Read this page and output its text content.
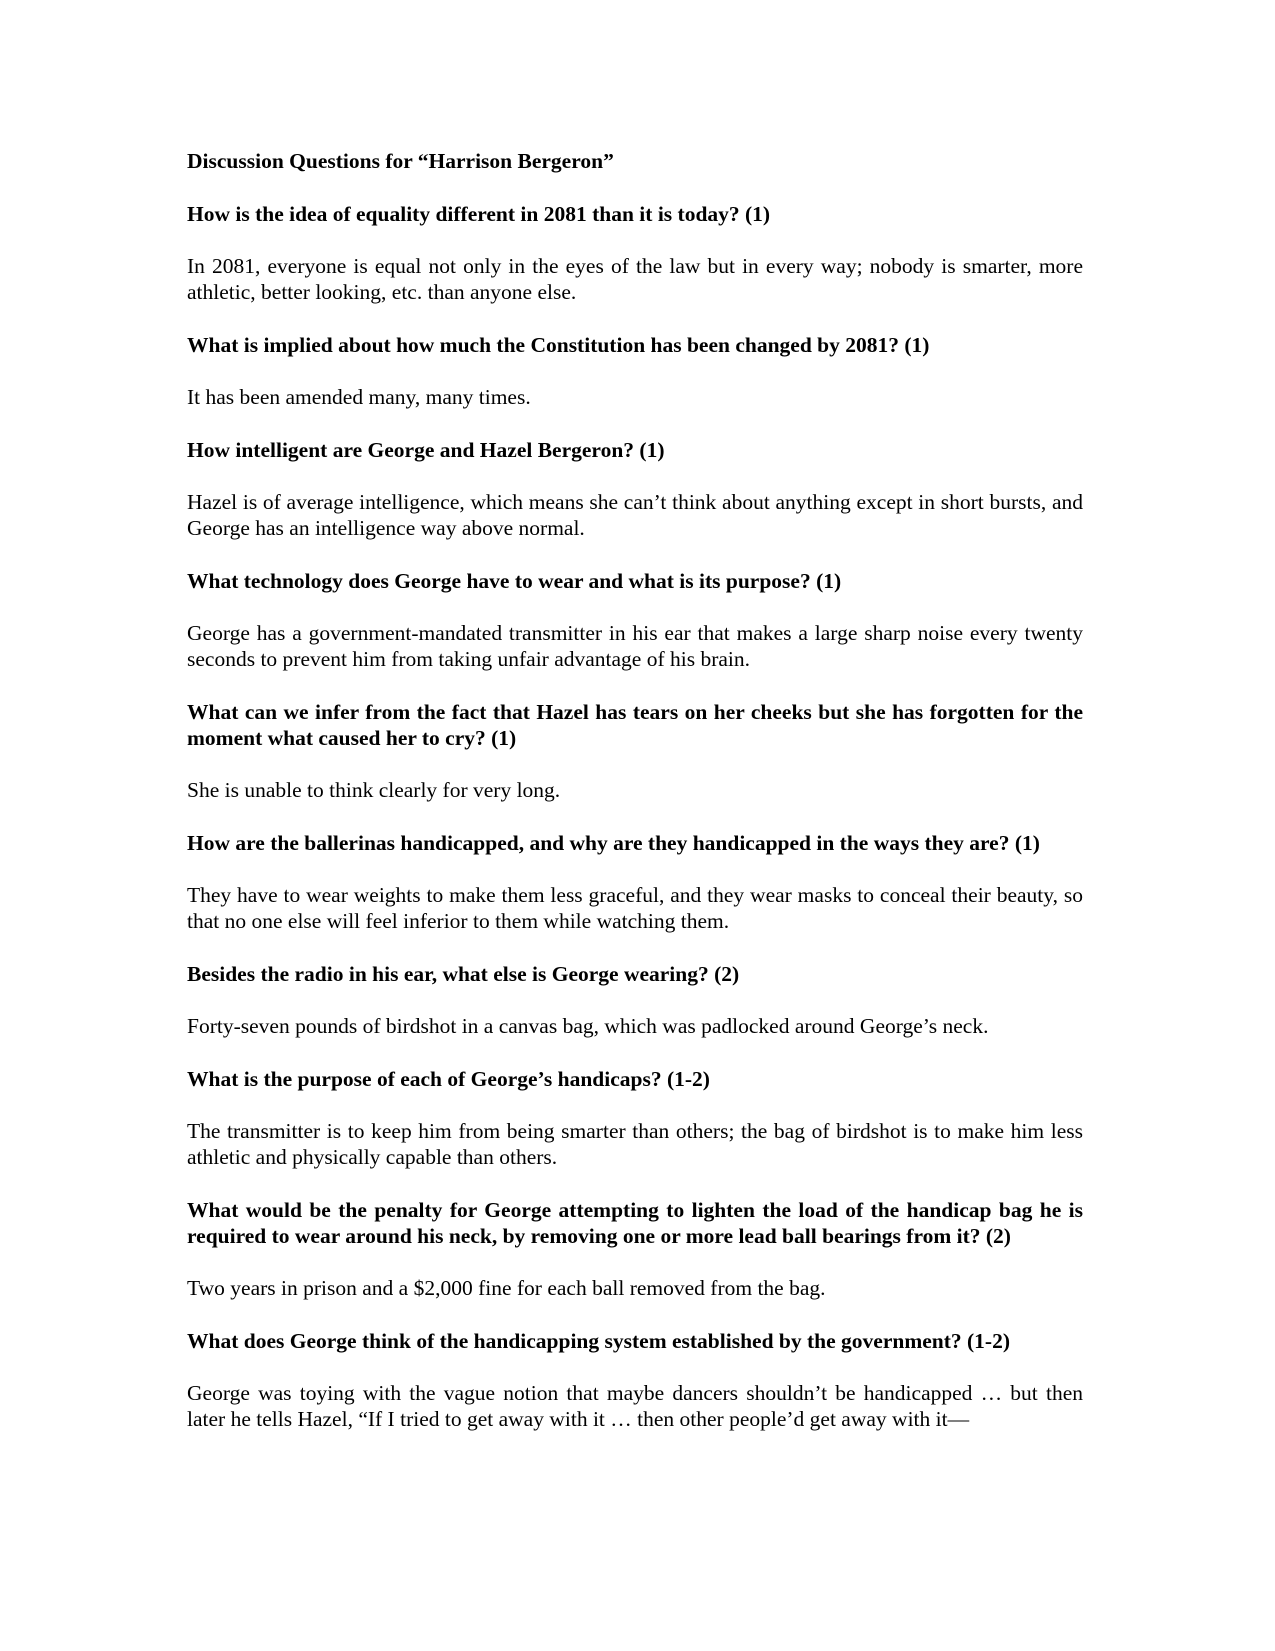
Discussion Questions for “Harrison Bergeron”

How is the idea of equality different in 2081 than it is today? (1)

In 2081, everyone is equal not only in the eyes of the law but in every way; nobody is smarter, more athletic, better looking, etc. than anyone else.

What is implied about how much the Constitution has been changed by 2081? (1)

It has been amended many, many times.

How intelligent are George and Hazel Bergeron? (1)

Hazel is of average intelligence, which means she can’t think about anything except in short bursts, and George has an intelligence way above normal.

What technology does George have to wear and what is its purpose? (1)

George has a government-mandated transmitter in his ear that makes a large sharp noise every twenty seconds to prevent him from taking unfair advantage of his brain.

What can we infer from the fact that Hazel has tears on her cheeks but she has forgotten for the moment what caused her to cry? (1)

She is unable to think clearly for very long.

How are the ballerinas handicapped, and why are they handicapped in the ways they are? (1)

They have to wear weights to make them less graceful, and they wear masks to conceal their beauty, so that no one else will feel inferior to them while watching them.

Besides the radio in his ear, what else is George wearing? (2)

Forty-seven pounds of birdshot in a canvas bag, which was padlocked around George’s neck.

What is the purpose of each of George’s handicaps? (1-2)

The transmitter is to keep him from being smarter than others; the bag of birdshot is to make him less athletic and physically capable than others.

What would be the penalty for George attempting to lighten the load of the handicap bag he is required to wear around his neck, by removing one or more lead ball bearings from it? (2)

Two years in prison and a $2,000 fine for each ball removed from the bag.

What does George think of the handicapping system established by the government? (1-2)

George was toying with the vague notion that maybe dancers shouldn’t be handicapped … but then later he tells Hazel, “If I tried to get away with it … then other people’d get away with it—
